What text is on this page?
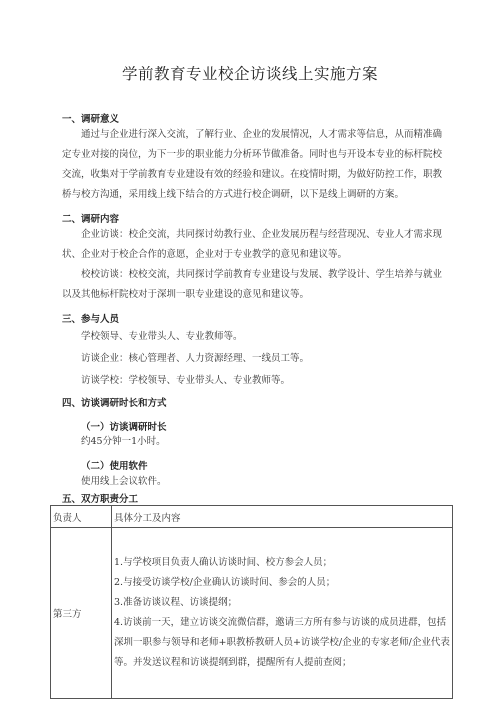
学前教育专业校企访谈线上实施方案
一、调研意义

通过与企业进行深入交流，了解行业、企业的发展情况，人才需求等信息，从而精准确定专业对接的岗位，为下一步的职业能力分析环节做准备。同时也与开设本专业的标杆院校交流，收集对于学前教育专业建设有效的经验和建议。在疫情时期，为做好防控工作，职教桥与校方沟通，采用线上线下结合的方式进行校企调研，以下是线上调研的方案。

二、调研内容

企业访谈：校企交流，共同探讨幼教行业、企业发展历程与经营现况、专业人才需求现状、企业对于校企合作的意愿，企业对于专业教学的意见和建议等。

校校访谈：校校交流，共同探讨学前教育专业建设与发展、教学设计、学生培养与就业以及其他标杆院校对于深圳一职专业建设的意见和建议等。

三、参与人员

学校领导、专业带头人、专业教师等。

访谈企业：核心管理者、人力资源经理、一线员工等。

访谈学校：学校领导、专业带头人、专业教师等。

四、访谈调研时长和方式
（一）访谈调研时长

约45分钟一1小时。

（二）使用软件

使用线上会议软件。

五、双方职责分工
负责人	具体分工及内容
第三方	1.与学校项目负责人确认访谈时间、校方参会人员；
2.与接受访谈学校/企业确认访谈时间、参会的人员；
3.准备访谈议程、访谈提纲；
4.访谈前一天，建立访谈交流微信群，邀请三方所有参与访谈的成员进群，包括深圳一职参与领导和老师+职教桥教研人员+访谈学校/企业的专家老师/企业代表等。并发送议程和访谈提纲到群，提醒所有人提前查阅；
